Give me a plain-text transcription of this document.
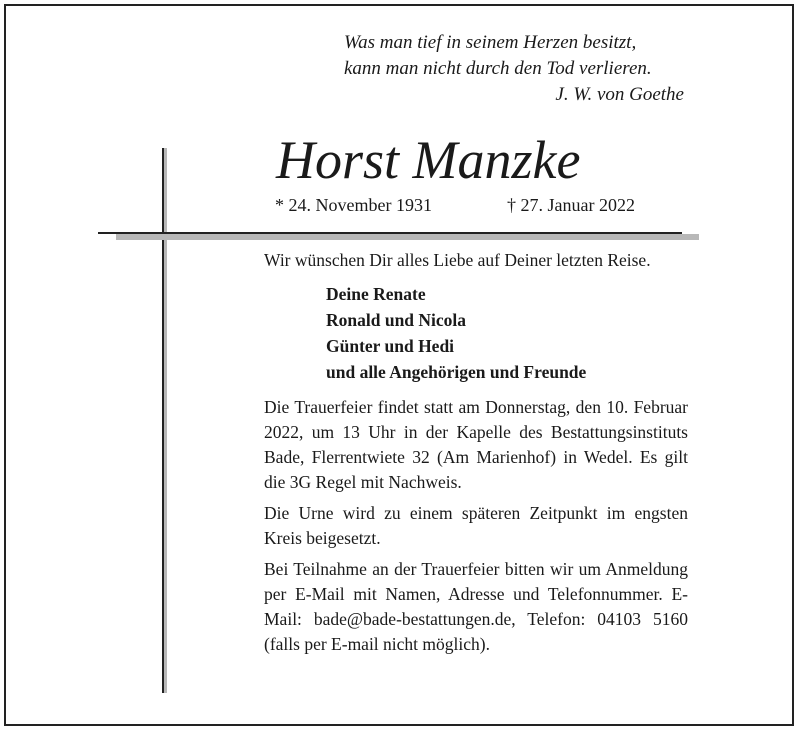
Was man tief in seinem Herzen besitzt,
kann man nicht durch den Tod verlieren.
J. W. von Goethe
Horst Manzke
* 24. November 1931	† 27. Januar 2022

Wir wünschen Dir alles Liebe auf Deiner letzten Reise.

Deine Renate
Ronald und Nicola
Günter und Hedi
und alle Angehörigen und Freunde

Die Trauerfeier findet statt am Donnerstag, den 10. Februar 2022, um 13 Uhr in der Kapelle des Bestattungsinstituts Bade, Flerrentwiete 32 (Am Marienhof) in Wedel. Es gilt die 3G Regel mit Nachweis.

Die Urne wird zu einem späteren Zeitpunkt im engsten Kreis beigesetzt.

Bei Teilnahme an der Trauerfeier bitten wir um Anmeldung per E-Mail mit Namen, Adresse und Telefonnummer. E-Mail: bade@bade-bestattungen.de, Telefon: 04103 5160 (falls per E-mail nicht möglich).
